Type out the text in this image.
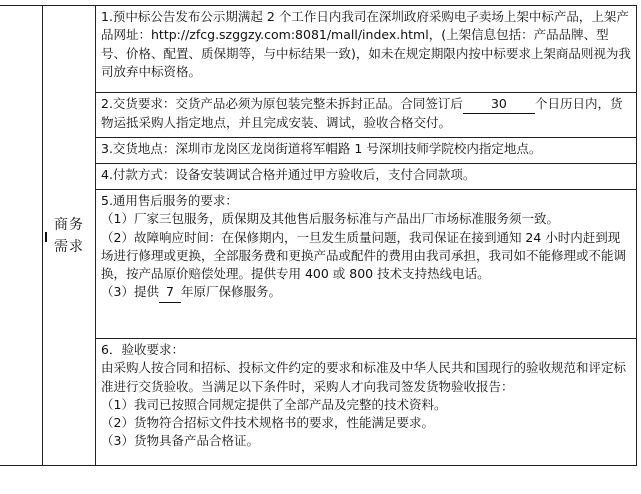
商务
需求

1.预中标公告发布公示期满起 2 个工作日内我司在深圳政府采购电子卖场上架中标产品，上架产品网址：http://zfcg.szggzy.com:8081/mall/index.html，(上架信息包括：产品品牌、型号、价格、配置、质保期等，与中标结果一致)，如未在规定期限内按中标要求上架商品则视为我司放弃中标资格。

2.交货要求：交货产品必须为原包装完整未拆封正品。合同签订后 30 个日历日内，货物运抵采购人指定地点，并且完成安装、调试，验收合格交付。

3.交货地点：深圳市龙岗区龙岗街道将军帽路 1 号深圳技师学院校内指定地点。

4.付款方式：设备安装调试合格并通过甲方验收后，支付合同款项。

5.通用售后服务的要求：

（1）厂家三包服务，质保期及其他售后服务标准与产品出厂市场标准服务须一致。

（2）故障响应时间：在保修期内，一旦发生质量问题，我司保证在接到通知 24 小时内赶到现场进行修理或更换，全部服务费和更换产品或配件的费用由我司承担，我司如不能修理或不能调换，按产品原价赔偿处理。提供专用 400 或 800 技术支持热线电话。

（3）提供 7 年原厂保修服务。

6．验收要求：

由采购人按合同和招标、投标文件约定的要求和标准及中华人民共和国现行的验收规范和评定标准进行交货验收。当满足以下条件时，采购人才向我司签发货物验收报告：

（1）我司已按照合同规定提供了全部产品及完整的技术资料。

（2）货物符合招标文件技术规格书的要求，性能满足要求。

（3）货物具备产品合格证。
